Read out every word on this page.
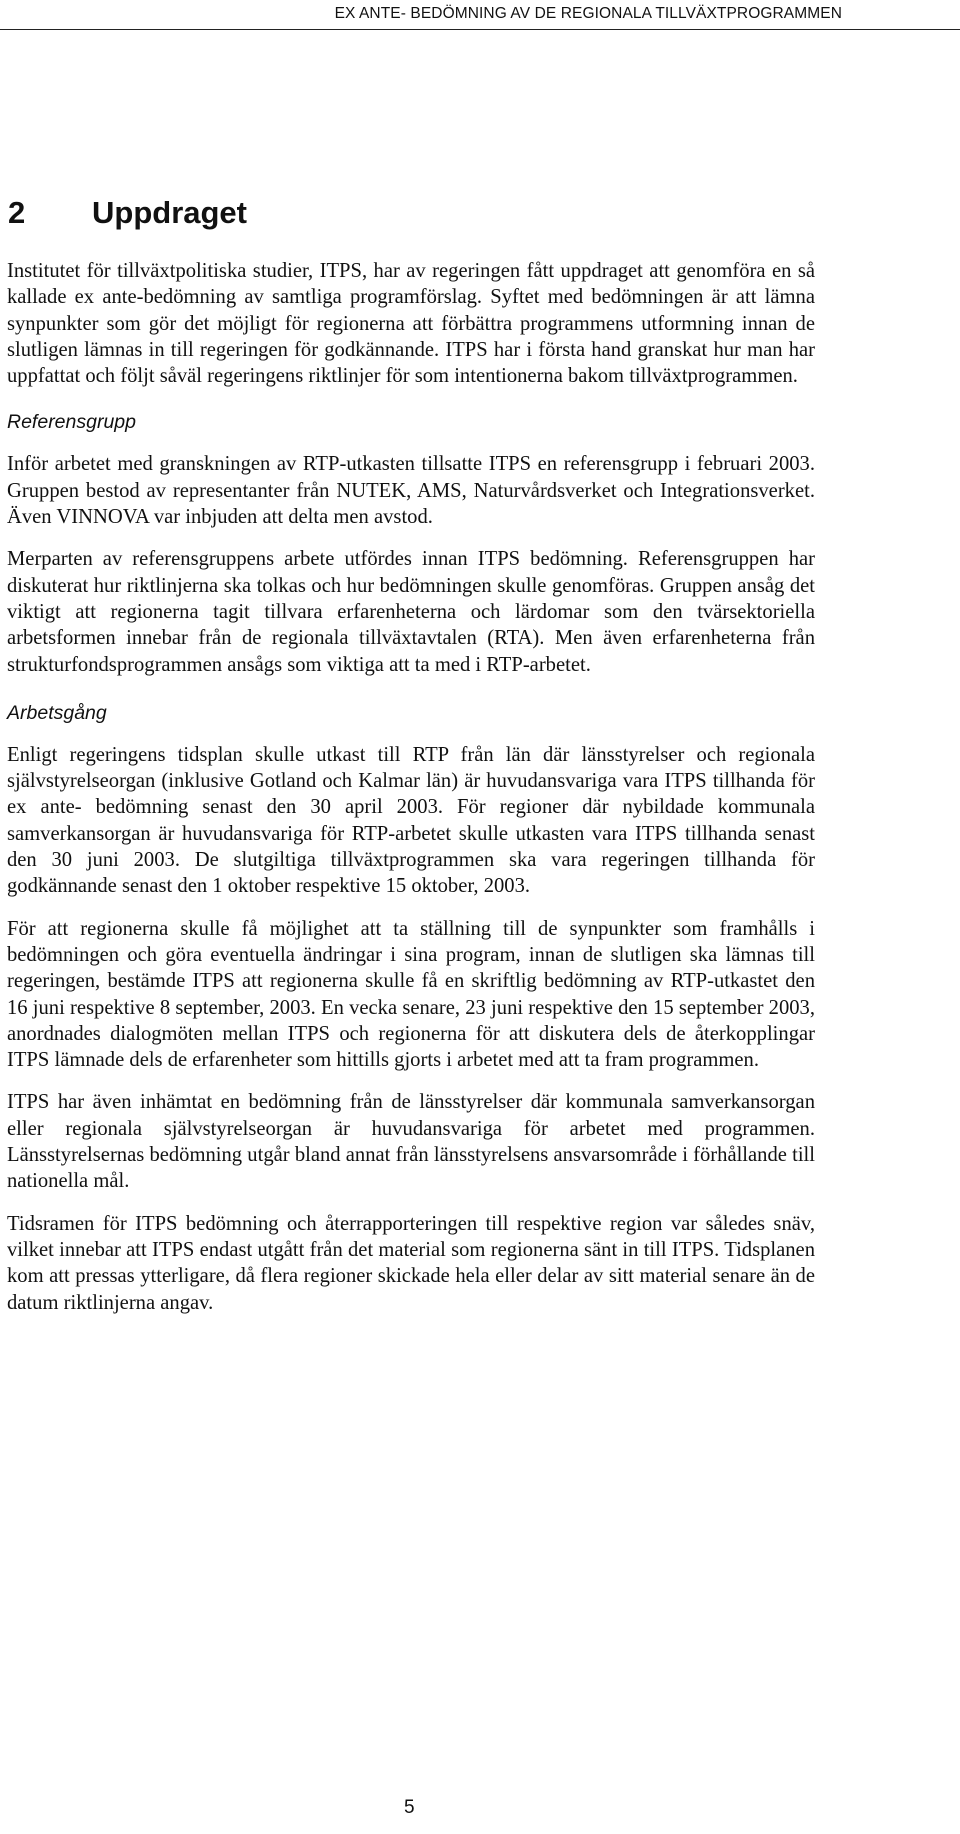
EX ANTE- BEDÖMNING AV DE REGIONALA TILLVÄXTPROGRAMMEN
2 Uppdraget

Institutet för tillväxtpolitiska studier, ITPS, har av regeringen fått uppdraget att genomföra en så kallade ex ante-bedömning av samtliga programförslag. Syftet med bedömningen är att lämna synpunkter som gör det möjligt för regionerna att förbättra programmens utformning innan de slutligen lämnas in till regeringen för godkännande. ITPS har i första hand granskat hur man har uppfattat och följt såväl regeringens riktlinjer för som intentionerna bakom tillväxtprogrammen.

Referensgrupp

Inför arbetet med granskningen av RTP-utkasten tillsatte ITPS en referensgrupp i februari 2003. Gruppen bestod av representanter från NUTEK, AMS, Naturvårdsverket och Integrationsverket. Även VINNOVA var inbjuden att delta men avstod.

Merparten av referensgruppens arbete utfördes innan ITPS bedömning. Referensgruppen har diskuterat hur riktlinjerna ska tolkas och hur bedömningen skulle genomföras. Gruppen ansåg det viktigt att regionerna tagit tillvara erfarenheterna och lärdomar som den tvärsektoriella arbetsformen innebar från de regionala tillväxtavtalen (RTA). Men även erfarenheterna från strukturfondsprogrammen ansågs som viktiga att ta med i RTP-arbetet.

Arbetsgång

Enligt regeringens tidsplan skulle utkast till RTP från län där länsstyrelser och regionala självstyrelseorgan (inklusive Gotland och Kalmar län) är huvudansvariga vara ITPS tillhanda för ex ante- bedömning senast den 30 april 2003. För regioner där nybildade kommunala samverkansorgan är huvudansvariga för RTP-arbetet skulle utkasten vara ITPS tillhanda senast den 30 juni 2003. De slutgiltiga tillväxtprogrammen ska vara regeringen tillhanda för godkännande senast den 1 oktober respektive 15 oktober, 2003.

För att regionerna skulle få möjlighet att ta ställning till de synpunkter som framhålls i bedömningen och göra eventuella ändringar i sina program, innan de slutligen ska lämnas till regeringen, bestämde ITPS att regionerna skulle få en skriftlig bedömning av RTP-utkastet den 16 juni respektive 8 september, 2003. En vecka senare, 23 juni respektive den 15 september 2003, anordnades dialogmöten mellan ITPS och regionerna för att diskutera dels de återkopplingar ITPS lämnade dels de erfarenheter som hittills gjorts i arbetet med att ta fram programmen.

ITPS har även inhämtat en bedömning från de länsstyrelser där kommunala samverkansorgan eller regionala självstyrelseorgan är huvudansvariga för arbetet med programmen. Länsstyrelsernas bedömning utgår bland annat från länsstyrelsens ansvarsområde i förhållande till nationella mål.

Tidsramen för ITPS bedömning och återrapporteringen till respektive region var således snäv, vilket innebar att ITPS endast utgått från det material som regionerna sänt in till ITPS. Tidsplanen kom att pressas ytterligare, då flera regioner skickade hela eller delar av sitt material senare än de datum riktlinjerna angav.

5
